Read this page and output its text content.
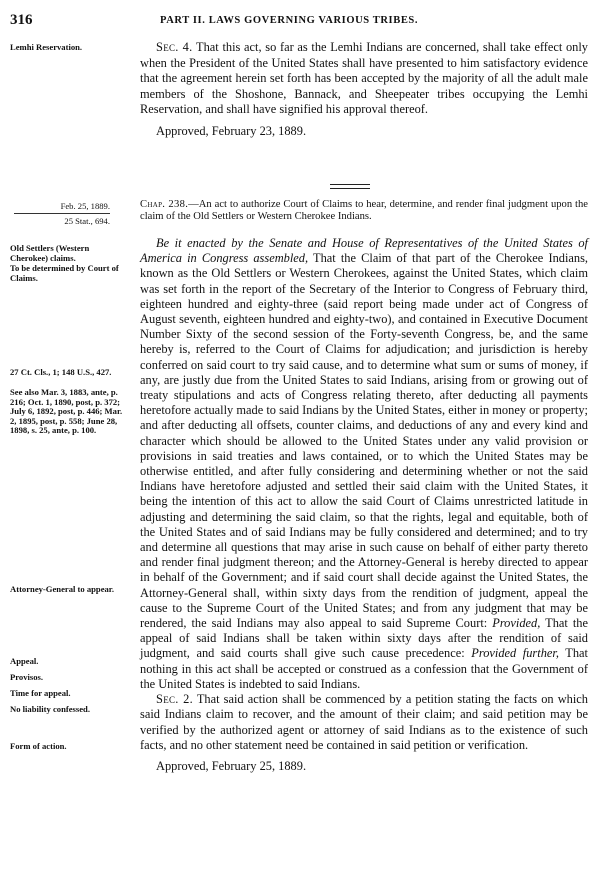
316	PART II. LAWS GOVERNING VARIOUS TRIBES.
Lemhi Reservation.	Sec. 4. That this act, so far as the Lemhi Indians are concerned, shall take effect only when the President of the United States shall have presented to him satisfactory evidence that the agreement herein set forth has been accepted by the majority of all the adult male members of the Shoshone, Bannack, and Sheepeater tribes occupying the Lemhi Reservation, and shall have signified his approval thereof.

Approved, February 23, 1889.

Feb. 25, 1889.
25 Stat., 694.

Chap. 238.—An act to authorize Court of Claims to hear, determine, and render final judgment upon the claim of the Old Settlers or Western Cherokee Indians.

Old Settlers (Western Cherokee) claims.
To be determined by Court of Claims.
27 Ct. Cls., 1; 148 U.S., 427.
See also Mar. 3, 1883, ante, p. 216; Oct. 1, 1890, post, p. 372; July 6, 1892, post, p. 446; Mar. 2, 1895, post, p. 558; June 28, 1898, s. 25, ante, p. 100.
Attorney-General to appear.
Appeal.
Provisos.
Time for appeal.
No liability confessed.
Form of action.

Be it enacted by the Senate and House of Representatives of the United States of America in Congress assembled, That the Claim of that part of the Cherokee Indians, known as the Old Settlers or Western Cherokees, against the United States, which claim was set forth in the report of the Secretary of the Interior to Congress of February third, eighteen hundred and eighty-three (said report being made under act of Congress of August seventh, eighteen hundred and eighty-two), and contained in Executive Document Number Sixty of the second session of the Forty-seventh Congress, be, and the same hereby is, referred to the Court of Claims for adjudication; and jurisdiction is hereby conferred on said court to try said cause, and to determine what sum or sums of money, if any, are justly due from the United States to said Indians, arising from or growing out of treaty stipulations and acts of Congress relating thereto, after deducting all payments heretofore actually made to said Indians by the United States, either in money or property; and after deducting all offsets, counter claims, and deductions of any and every kind and character which should be allowed to the United States under any valid provision or provisions in said treaties and laws contained, or to which the United States may be otherwise entitled, and after fully considering and determining whether or not the said Indians have heretofore adjusted and settled their said claim with the United States, it being the intention of this act to allow the said Court of Claims unrestricted latitude in adjusting and determining the said claim, so that the rights, legal and equitable, both of the United States and of said Indians may be fully considered and determined; and to try and determine all questions that may arise in such cause on behalf of either party thereto and render final judgment thereon; and the Attorney-General is hereby directed to appear in behalf of the Government; and if said court shall decide against the United States, the Attorney-General shall, within sixty days from the rendition of judgment, appeal the cause to the Supreme Court of the United States; and from any judgment that may be rendered, the said Indians may also appeal to said Supreme Court: Provided, That the appeal of said Indians shall be taken within sixty days after the rendition of said judgment, and said courts shall give such cause precedence: Provided further, That nothing in this act shall be accepted or construed as a confession that the Government of the United States is indebted to said Indians.

Sec. 2. That said action shall be commenced by a petition stating the facts on which said Indians claim to recover, and the amount of their claim; and said petition may be verified by the authorized agent or attorney of said Indians as to the existence of such facts, and no other statement need be contained in said petition or verification.

Approved, February 25, 1889.
